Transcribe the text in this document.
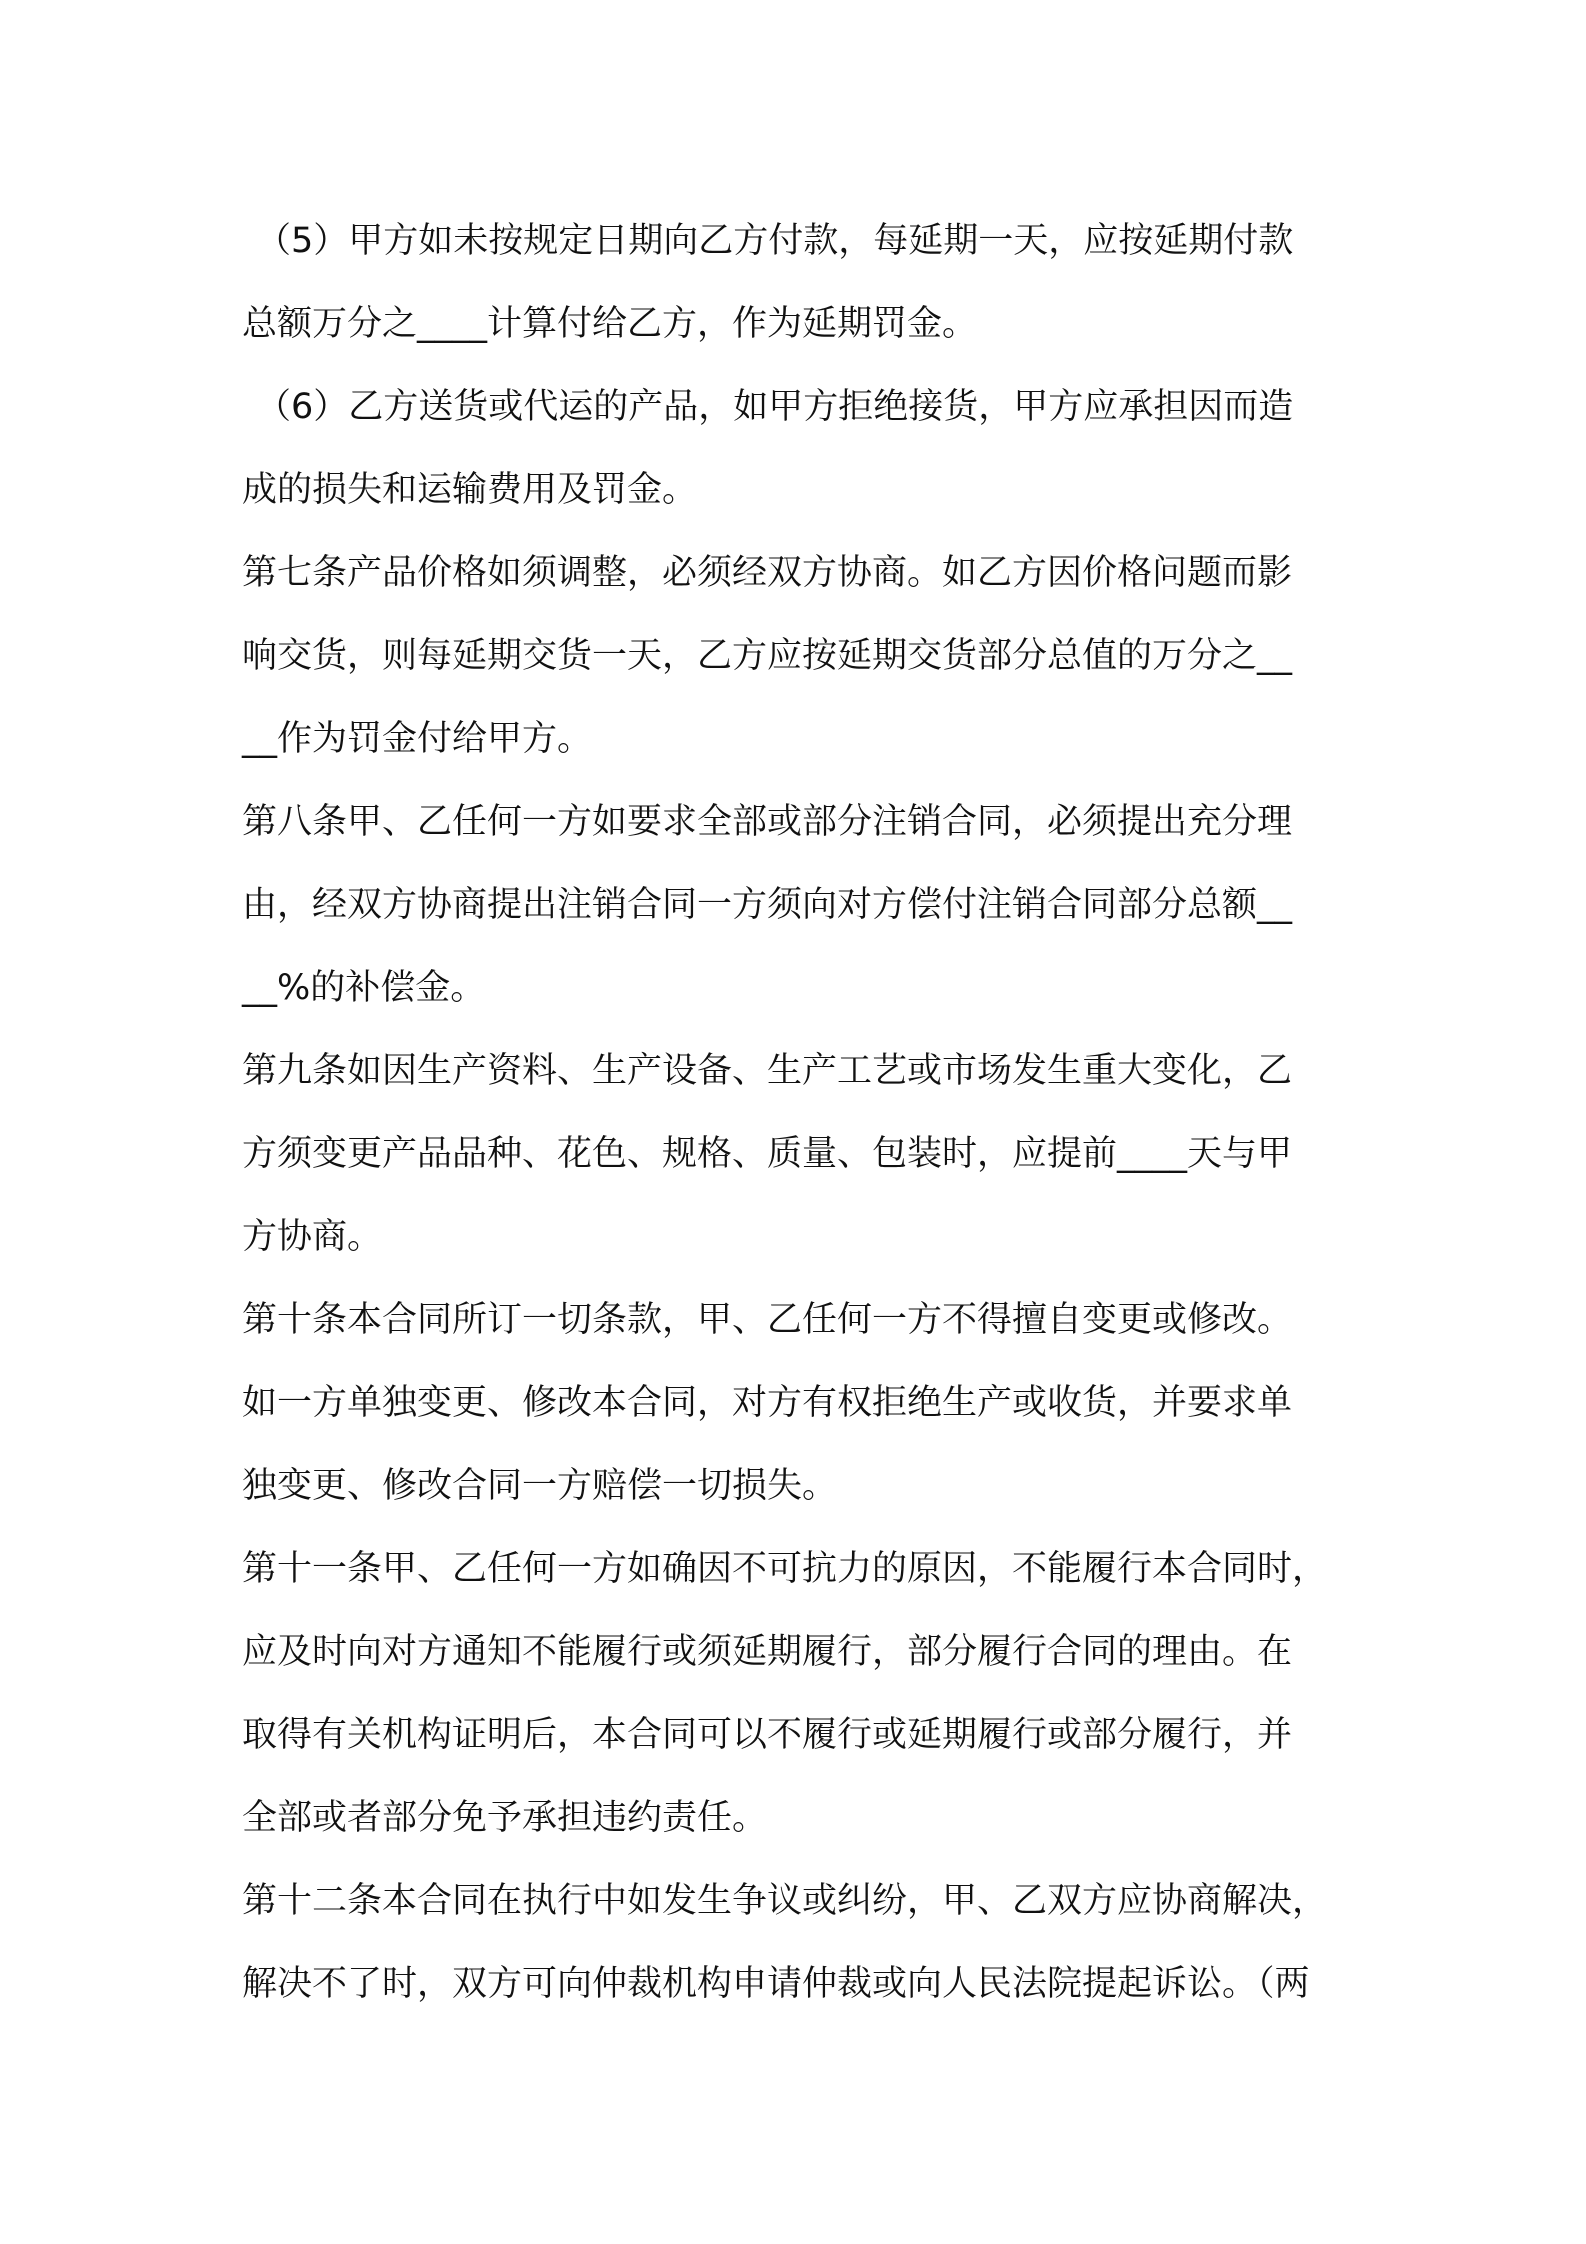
（5）甲方如未按规定日期向乙方付款，每延期一天，应按延期付款
总额万分之____计算付给乙方，作为延期罚金。
（6）乙方送货或代运的产品，如甲方拒绝接货，甲方应承担因而造
成的损失和运输费用及罚金。
第七条产品价格如须调整，必须经双方协商。如乙方因价格问题而影
响交货，则每延期交货一天，乙方应按延期交货部分总值的万分之__
__作为罚金付给甲方。
第八条甲、乙任何一方如要求全部或部分注销合同，必须提出充分理
由，经双方协商提出注销合同一方须向对方偿付注销合同部分总额__
__%的补偿金。
第九条如因生产资料、生产设备、生产工艺或市场发生重大变化，乙
方须变更产品品种、花色、规格、质量、包装时，应提前____天与甲
方协商。
第十条本合同所订一切条款，甲、乙任何一方不得擅自变更或修改。
如一方单独变更、修改本合同，对方有权拒绝生产或收货，并要求单
独变更、修改合同一方赔偿一切损失。
第十一条甲、乙任何一方如确因不可抗力的原因，不能履行本合同时，
应及时向对方通知不能履行或须延期履行，部分履行合同的理由。在
取得有关机构证明后，本合同可以不履行或延期履行或部分履行，并
全部或者部分免予承担违约责任。
第十二条本合同在执行中如发生争议或纠纷，甲、乙双方应协商解决，
解决不了时，双方可向仲裁机构申请仲裁或向人民法院提起诉讼。（两
